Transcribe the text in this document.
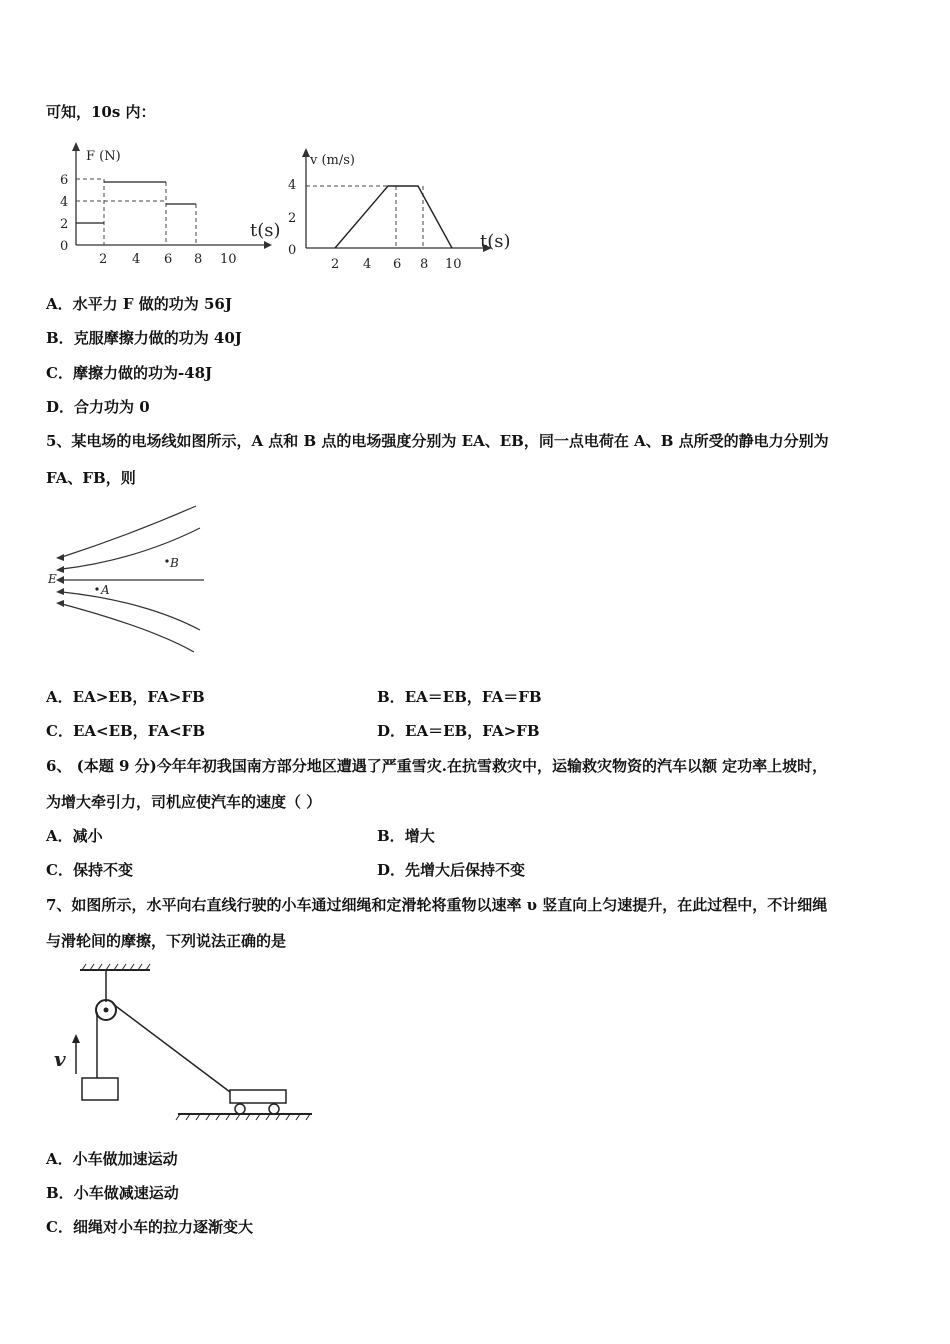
可知，10s 内：
F (N)
t(s)
6
4
2
0
2 4 6 8 10
v (m/s)
t(s)
4
2
0
2 4 6 8 10
A．水平力 F 做的功为 56J
B．克服摩擦力做的功为 40J
C．摩擦力做的功为-48J
D．合力功为 0
5、某电场的电场线如图所示，A 点和 B 点的电场强度分别为 EA、EB，同一点电荷在 A、B 点所受的静电力分别为
FA、FB，则
E
B
A
A．EA>EB，FA>FB	B．EA＝EB，FA＝FB
C．EA<EB，FA<FB	D．EA＝EB，FA>FB
6、 (本题 9 分)今年年初我国南方部分地区遭遇了严重雪灾.在抗雪救灾中，运输救灾物资的汽车以额 定功率上坡时，
为增大牵引力，司机应使汽车的速度（ ）
A．减小	B．增大
C．保持不变	D．先增大后保持不变
7、如图所示，水平向右直线行驶的小车通过细绳和定滑轮将重物以速率 υ 竖直向上匀速提升，在此过程中，不计细绳
与滑轮间的摩擦，下列说法正确的是
v
A．小车做加速运动
B．小车做减速运动
C．细绳对小车的拉力逐渐变大
